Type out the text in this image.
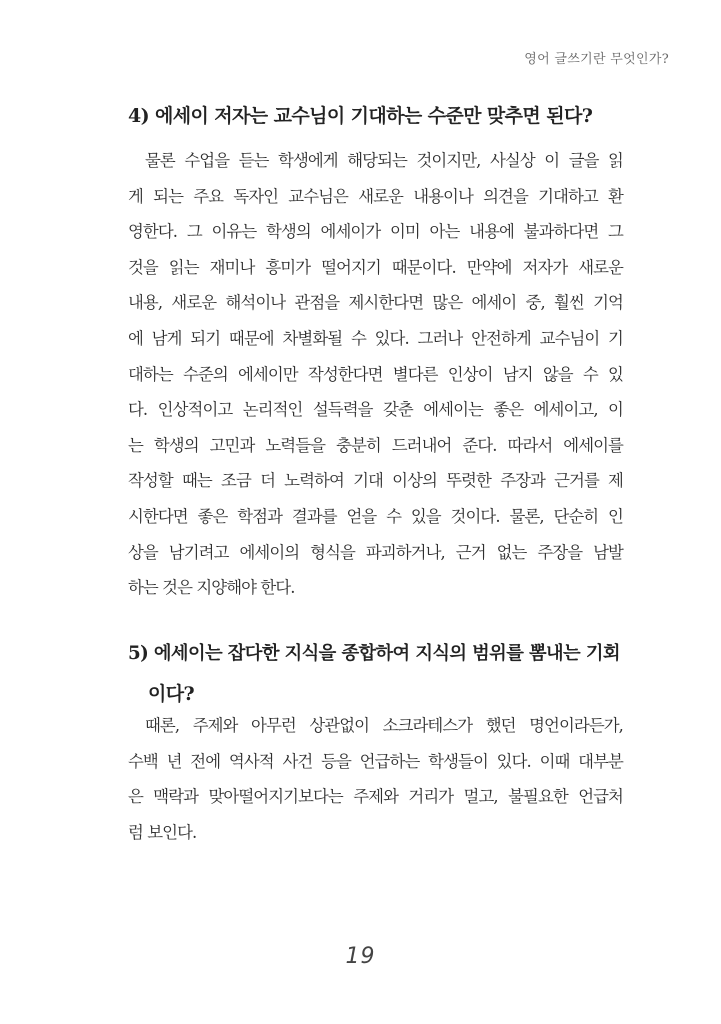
영어 글쓰기란 무엇인가?
4) 에세이 저자는 교수님이 기대하는 수준만 맞추면 된다?
물론 수업을 듣는 학생에게 해당되는 것이지만, 사실상 이 글을 읽
게 되는 주요 독자인 교수님은 새로운 내용이나 의견을 기대하고 환
영한다. 그 이유는 학생의 에세이가 이미 아는 내용에 불과하다면 그
것을 읽는 재미나 흥미가 떨어지기 때문이다. 만약에 저자가 새로운
내용, 새로운 해석이나 관점을 제시한다면 많은 에세이 중, 훨씬 기억
에 남게 되기 때문에 차별화될 수 있다. 그러나 안전하게 교수님이 기
대하는 수준의 에세이만 작성한다면 별다른 인상이 남지 않을 수 있
다. 인상적이고 논리적인 설득력을 갖춘 에세이는 좋은 에세이고, 이
는 학생의 고민과 노력들을 충분히 드러내어 준다. 따라서 에세이를
작성할 때는 조금 더 노력하여 기대 이상의 뚜렷한 주장과 근거를 제
시한다면 좋은 학점과 결과를 얻을 수 있을 것이다. 물론, 단순히 인
상을 남기려고 에세이의 형식을 파괴하거나, 근거 없는 주장을 남발
하는 것은 지양해야 한다.
5) 에세이는 잡다한 지식을 종합하여 지식의 범위를 뽐내는 기회
이다?
때론, 주제와 아무런 상관없이 소크라테스가 했던 명언이라든가,
수백 년 전에 역사적 사건 등을 언급하는 학생들이 있다. 이때 대부분
은 맥락과 맞아떨어지기보다는 주제와 거리가 멀고, 불필요한 언급처
럼 보인다.
19
